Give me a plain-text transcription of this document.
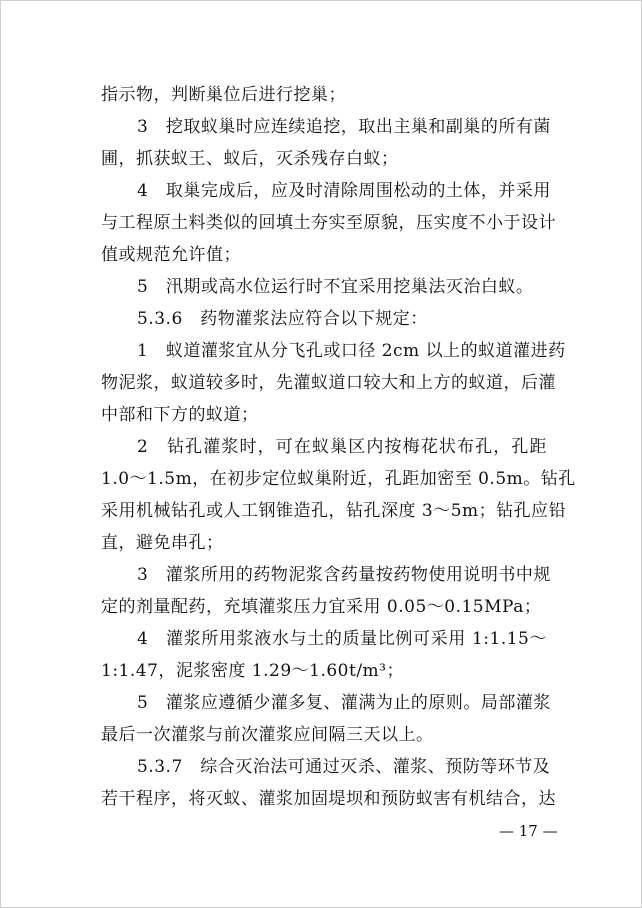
指示物，判断巢位后进行挖巢；
3　挖取蚁巢时应连续追挖，取出主巢和副巢的所有菌
圃，抓获蚁王、蚁后，灭杀残存白蚁；
4　取巢完成后，应及时清除周围松动的土体，并采用
与工程原土料类似的回填土夯实至原貌，压实度不小于设计
值或规范允许值；
5　汛期或高水位运行时不宜采用挖巢法灭治白蚁。
5.3.6　药物灌浆法应符合以下规定：
1　蚁道灌浆宜从分飞孔或口径 2cm 以上的蚁道灌进药
物泥浆，蚁道较多时，先灌蚁道口较大和上方的蚁道，后灌
中部和下方的蚁道；
2　钻孔灌浆时，可在蚁巢区内按梅花状布孔，孔距
1.0～1.5m，在初步定位蚁巢附近，孔距加密至 0.5m。钻孔
采用机械钻孔或人工钢锥造孔，钻孔深度 3～5m；钻孔应铅
直，避免串孔；
3　灌浆所用的药物泥浆含药量按药物使用说明书中规
定的剂量配药，充填灌浆压力宜采用 0.05～0.15MPa；
4　灌浆所用浆液水与土的质量比例可采用 1:1.15～
1:1.47，泥浆密度 1.29～1.60t/m³；
5　灌浆应遵循少灌多复、灌满为止的原则。局部灌浆
最后一次灌浆与前次灌浆应间隔三天以上。
5.3.7　综合灭治法可通过灭杀、灌浆、预防等环节及
若干程序，将灭蚁、灌浆加固堤坝和预防蚁害有机结合，达
— 17 —
